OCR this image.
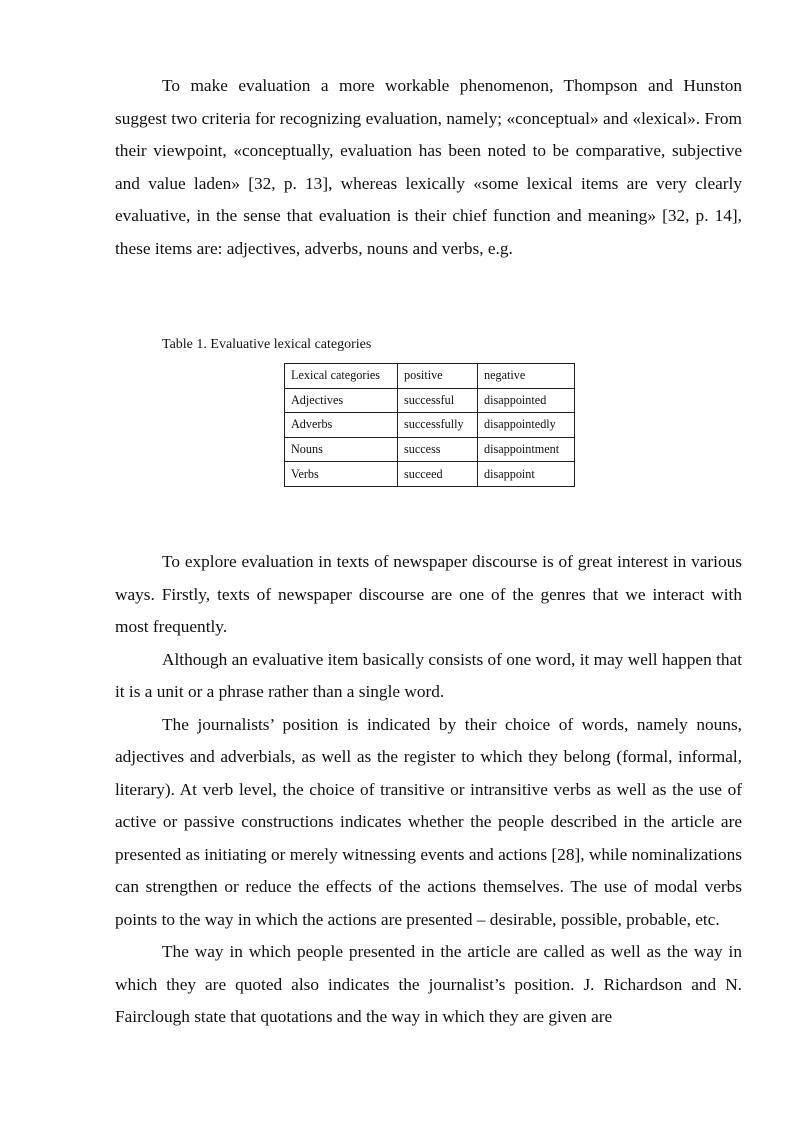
To make evaluation a more workable phenomenon, Thompson and Hunston suggest two criteria for recognizing evaluation, namely; «conceptual» and «lexical». From their viewpoint, «conceptually, evaluation has been noted to be comparative, subjective and value laden» [32, p. 13], whereas lexically «some lexical items are very clearly evaluative, in the sense that evaluation is their chief function and meaning» [32, p. 14], these items are: adjectives, adverbs, nouns and verbs, e.g.

Table 1. Evaluative lexical categories

Lexical categories	positive	negative
Adjectives	successful	disappointed
Adverbs	successfully	disappointedly
Nouns	success	disappointment
Verbs	succeed	disappoint

To explore evaluation in texts of newspaper discourse is of great interest in various ways. Firstly, texts of newspaper discourse are one of the genres that we interact with most frequently.

Although an evaluative item basically consists of one word, it may well happen that it is a unit or a phrase rather than a single word.

The journalists’ position is indicated by their choice of words, namely nouns, adjectives and adverbials, as well as the register to which they belong (formal, informal, literary). At verb level, the choice of transitive or intransitive verbs as well as the use of active or passive constructions indicates whether the people described in the article are presented as initiating or merely witnessing events and actions [28], while nominalizations can strengthen or reduce the effects of the actions themselves. The use of modal verbs points to the way in which the actions are presented – desirable, possible, probable, etc.

The way in which people presented in the article are called as well as the way in which they are quoted also indicates the journalist’s position. J. Richardson and N. Fairclough state that quotations and the way in which they are given are
